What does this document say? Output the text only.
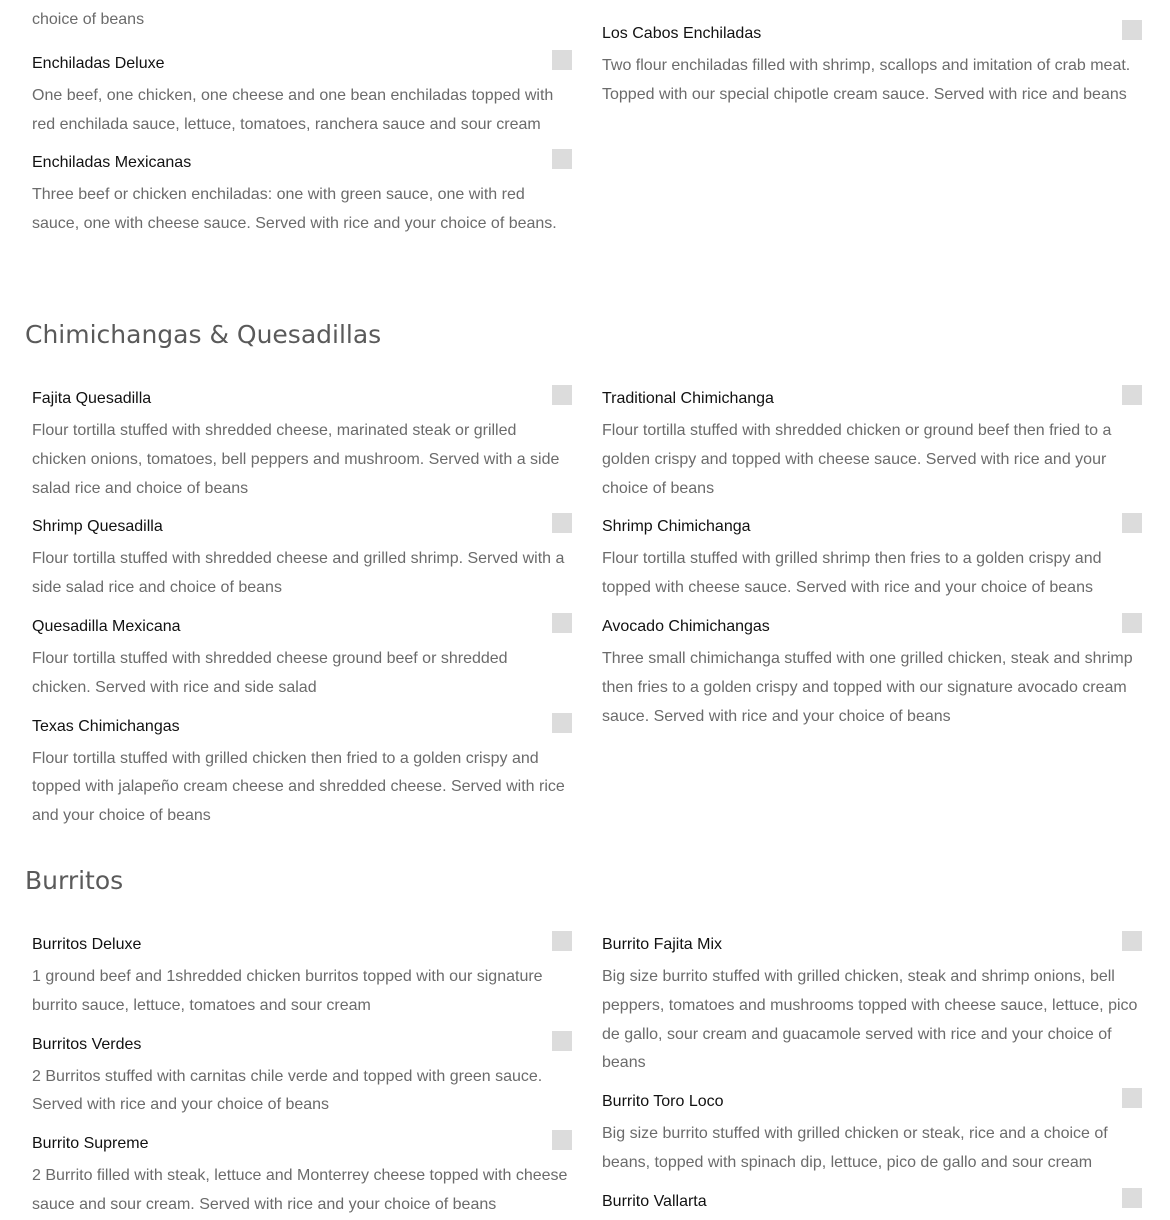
choice of beans

Enchiladas Deluxe

One beef, one chicken, one cheese and one bean enchiladas topped with red enchilada sauce, lettuce, tomatoes, ranchera sauce and sour cream

Enchiladas Mexicanas

Three beef or chicken enchiladas: one with green sauce, one with red sauce, one with cheese sauce. Served with rice and your choice of beans.

Los Cabos Enchiladas

Two flour enchiladas filled with shrimp, scallops and imitation of crab meat. Topped with our special chipotle cream sauce. Served with rice and beans

Chimichangas & Quesadillas

Fajita Quesadilla

Flour tortilla stuffed with shredded cheese, marinated steak or grilled chicken onions, tomatoes, bell peppers and mushroom. Served with a side salad rice and choice of beans

Shrimp Quesadilla

Flour tortilla stuffed with shredded cheese and grilled shrimp. Served with a side salad rice and choice of beans

Quesadilla Mexicana

Flour tortilla stuffed with shredded cheese ground beef or shredded chicken. Served with rice and side salad

Texas Chimichangas

Flour tortilla stuffed with grilled chicken then fried to a golden crispy and topped with jalapeño cream cheese and shredded cheese. Served with rice and your choice of beans

Traditional Chimichanga

Flour tortilla stuffed with shredded chicken or ground beef then fried to a golden crispy and topped with cheese sauce. Served with rice and your choice of beans

Shrimp Chimichanga

Flour tortilla stuffed with grilled shrimp then fries to a golden crispy and topped with cheese sauce. Served with rice and your choice of beans

Avocado Chimichangas

Three small chimichanga stuffed with one grilled chicken, steak and shrimp then fries to a golden crispy and topped with our signature avocado cream sauce. Served with rice and your choice of beans

Burritos

Burritos Deluxe

1 ground beef and 1shredded chicken burritos topped with our signature burrito sauce, lettuce, tomatoes and sour cream

Burritos Verdes

2 Burritos stuffed with carnitas chile verde and topped with green sauce. Served with rice and your choice of beans

Burrito Supreme

2 Burrito filled with steak, lettuce and Monterrey cheese topped with cheese sauce and sour cream. Served with rice and your choice of beans

Burrito Fajita Mix

Big size burrito stuffed with grilled chicken, steak and shrimp onions, bell peppers, tomatoes and mushrooms topped with cheese sauce, lettuce, pico de gallo, sour cream and guacamole served with rice and your choice of beans

Burrito Toro Loco

Big size burrito stuffed with grilled chicken or steak, rice and a choice of beans, topped with spinach dip, lettuce, pico de gallo and sour cream

Burrito Vallarta
